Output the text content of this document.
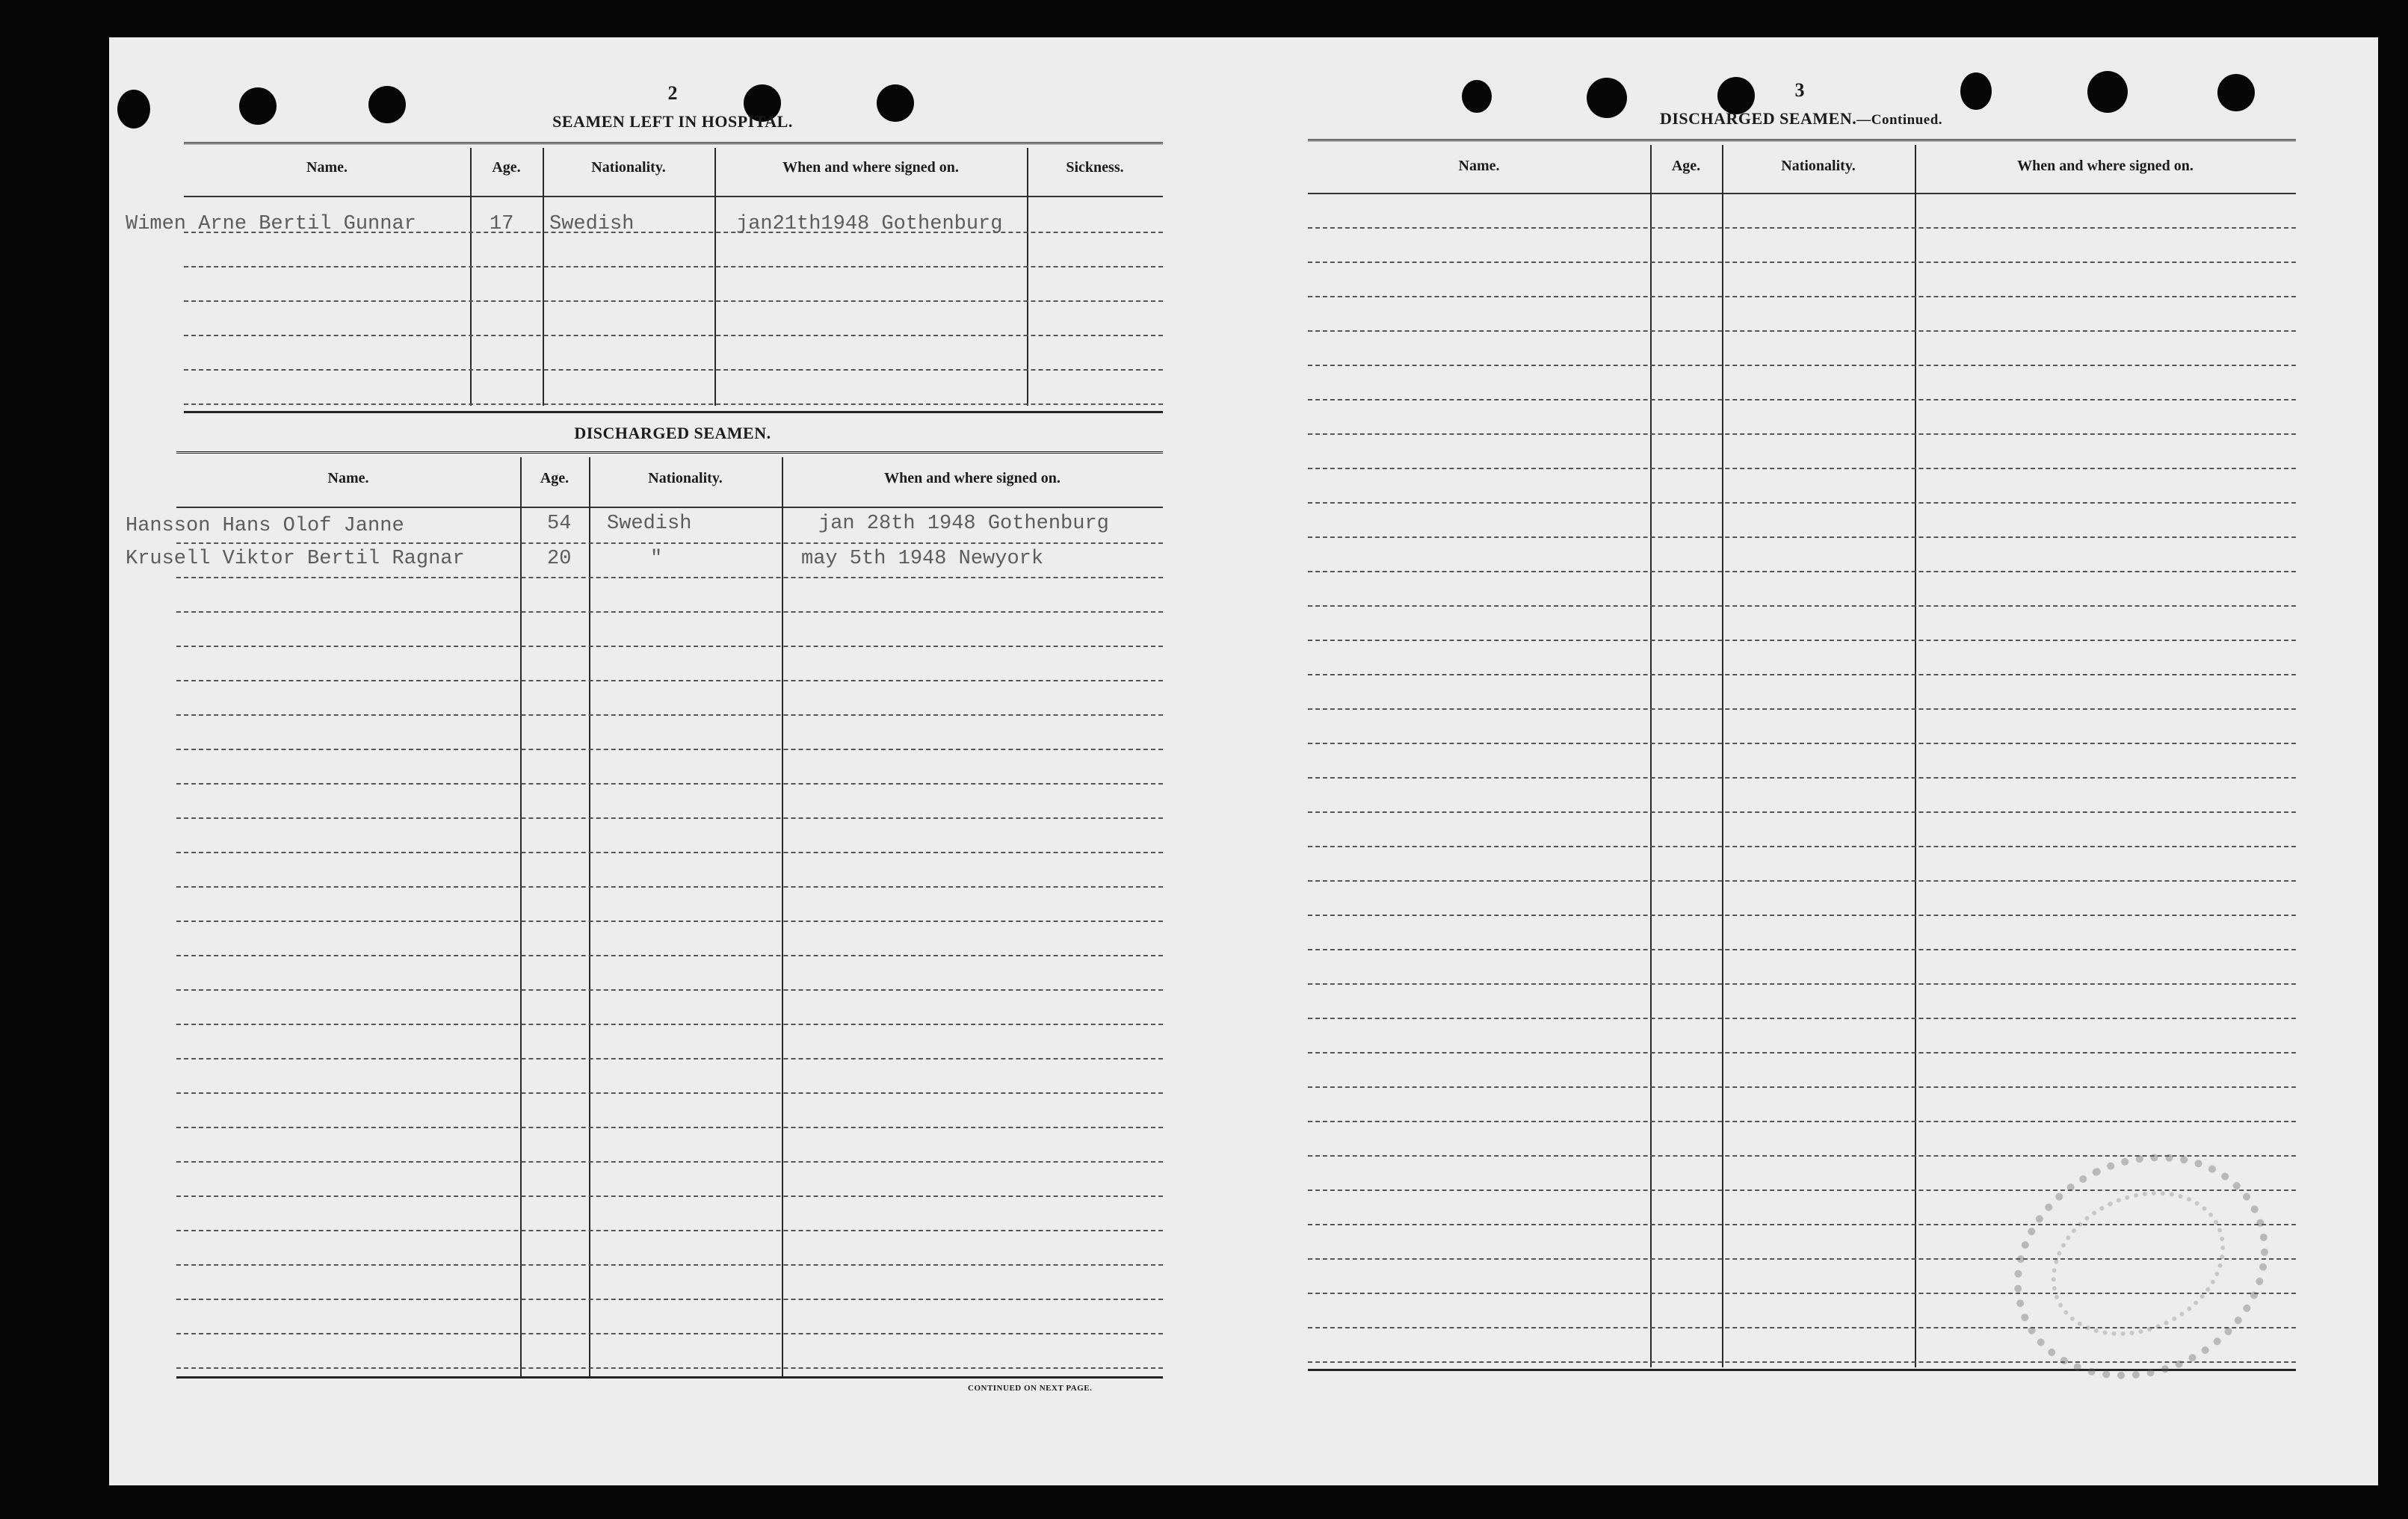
2
SEAMEN LEFT IN HOSPITAL.
Name.	Age.	Nationality.	When and where signed on.	Sickness.
Wimen Arne Bertil Gunnar	17 Swedish	jan21th1948 Gothenburg
DISCHARGED SEAMEN.
Name.	Age.	Nationality.	When and where signed on.
Hansson Hans Olof Janne	54 Swedish	jan 28th 1948 Gothenburg
Krusell Viktor Bertil Ragnar	20	"	may 5th 1948 Newyork
CONTINUED ON NEXT PAGE.
3
DISCHARGED SEAMEN.—Continued.
Name.	Age.	Nationality.	When and where signed on.
